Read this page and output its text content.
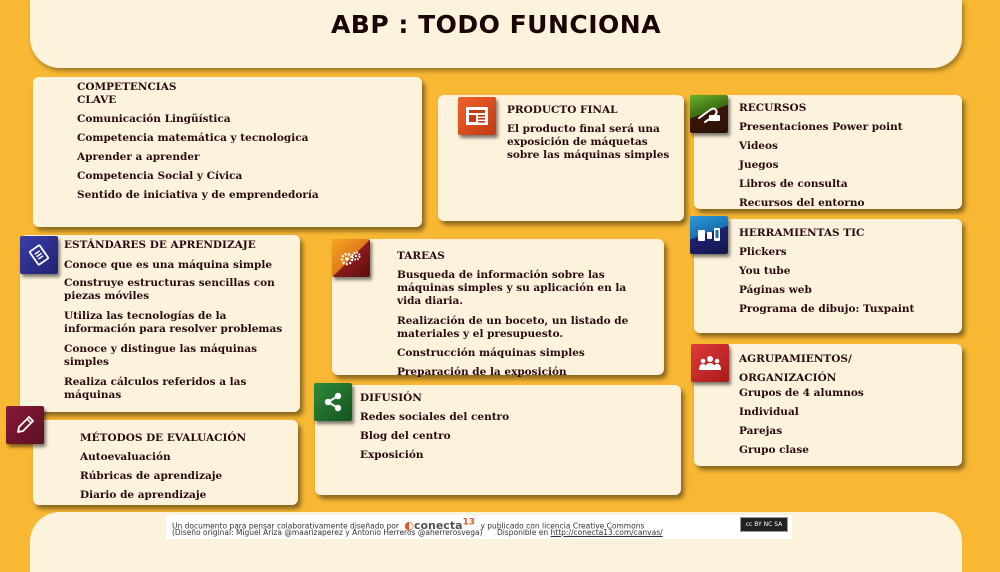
ABP : TODO FUNCIONA
COMPETENCIAS
CLAVE
Comunicación Lingüística
Competencia matemática y tecnologica
Aprender a aprender
Competencia Social y Cívica
Sentido de iniciativa y de emprendedoría
PRODUCTO FINAL
El producto final será una exposición de máquetas sobre las máquinas simples
RECURSOS
Presentaciones Power point
Videos
Juegos
Libros de consulta
Recursos del entorno
ESTÁNDARES DE APRENDIZAJE
Conoce que es una máquina simple
Construye estructuras sencillas con piezas móviles
Utiliza las tecnologías de la información para resolver problemas
Conoce y distingue las máquinas simples
Realiza cálculos referidos a las máquinas
TAREAS
Busqueda de información sobre las máquinas simples y su aplicación en la vida diaria.
Realización de un boceto, un listado de materiales y el presupuesto.
Construcción máquinas simples
Preparación de la exposición
HERRAMIENTAS TIC
Plickers
You tube
Páginas web
Programa de dibujo: Tuxpaint
DIFUSIÓN
Redes sociales del centro
Blog del centro
Exposición
AGRUPAMIENTOS/
ORGANIZACIÓN
Grupos de 4 alumnos
Individual
Parejas
Grupo clase
MÉTODOS DE EVALUACIÓN
Autoevaluación
Rúbricas de aprendizaje
Diario de aprendizaje
Un documento para pensar colaborativamente diseñado por ◐conecta$^{13}$ y publicado con licencia Creative Commons
(Diseño original: Miguel Ariza @maarizaperez y Antonio Herreros @aherrerosvega) Disponible en http://conecta13.com/canvas/
cc BY NC SA
